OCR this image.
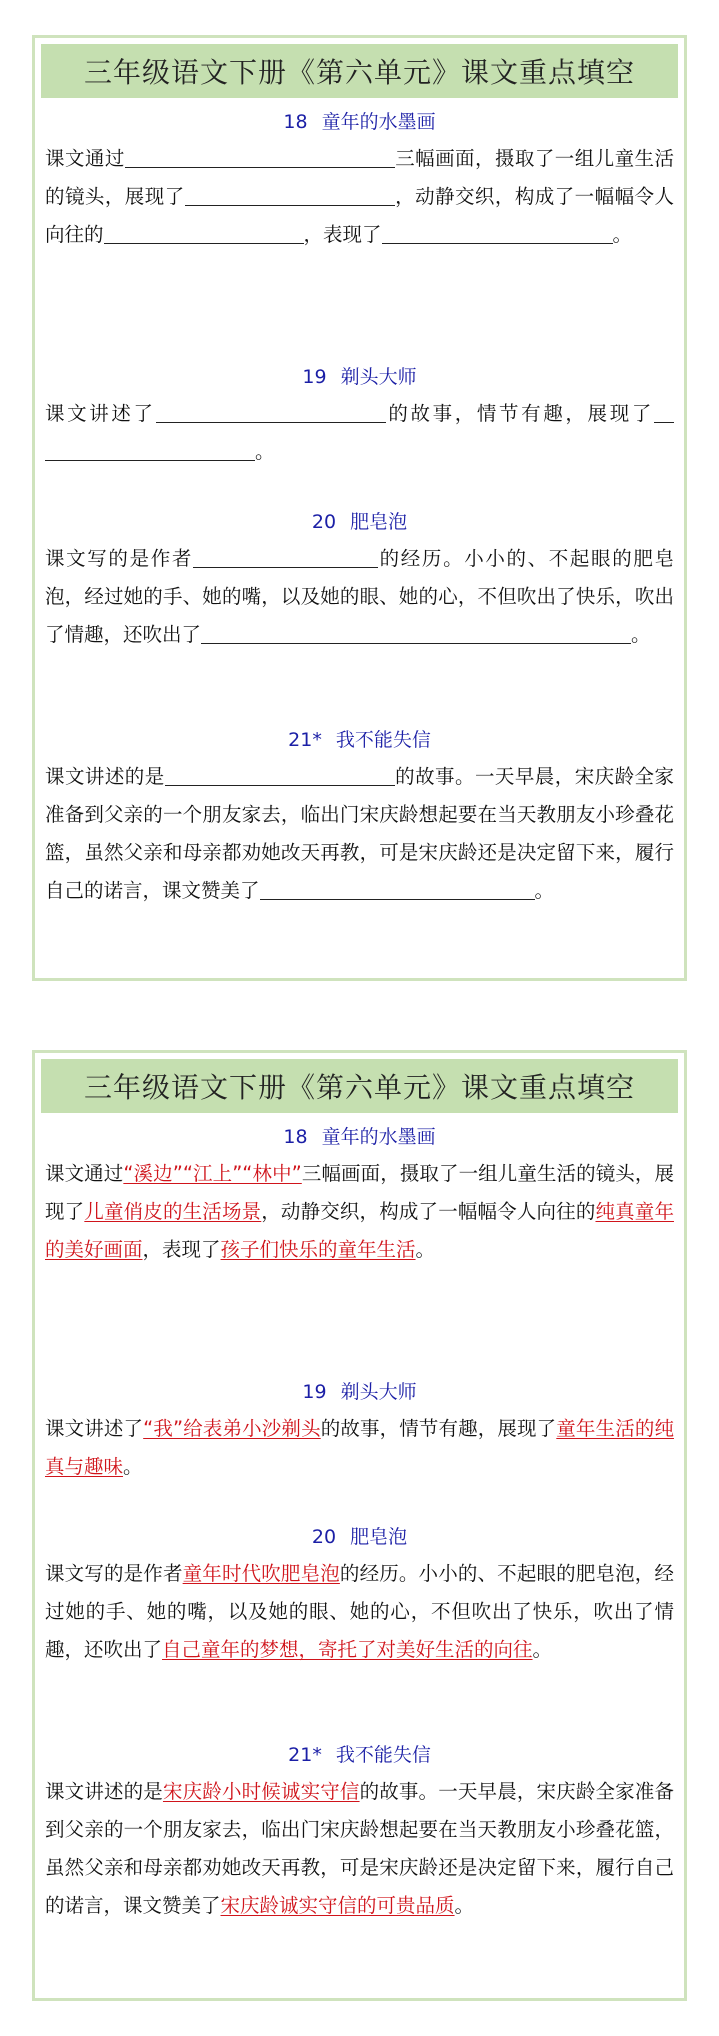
三年级语文下册《第六单元》课文重点填空
18 童年的水墨画
课文通过	三幅画面，摄取了一组儿童生活的镜头，展现了	，动静交织，构成了一幅幅令人向往的	，表现了	。
19 剃头大师
课文讲述了	的故事，情节有趣，展现了。
20 肥皂泡
课文写的是作者	的经历。小小的、不起眼的肥皂泡，经过她的手、她的嘴，以及她的眼、她的心，不但吹出了快乐，吹出了情趣，还吹出了	。
21* 我不能失信
课文讲述的是	的故事。一天早晨，宋庆龄全家准备到父亲的一个朋友家去，临出门宋庆龄想起要在当天教朋友小珍叠花篮，虽然父亲和母亲都劝她改天再教，可是宋庆龄还是决定留下来，履行自己的诺言，课文赞美了	。
三年级语文下册《第六单元》课文重点填空
18 童年的水墨画
课文通过“溪边”“江上”“林中”三幅画面，摄取了一组儿童生活的镜头，展现了儿童俏皮的生活场景，动静交织，构成了一幅幅令人向往的纯真童年的美好画面，表现了孩子们快乐的童年生活。
19 剃头大师
课文讲述了“我”给表弟小沙剃头的故事，情节有趣，展现了童年生活的纯真与趣味。
20 肥皂泡
课文写的是作者童年时代吹肥皂泡的经历。小小的、不起眼的肥皂泡，经过她的手、她的嘴，以及她的眼、她的心，不但吹出了快乐，吹出了情趣，还吹出了自己童年的梦想，寄托了对美好生活的向往。
21* 我不能失信
课文讲述的是宋庆龄小时候诚实守信的故事。一天早晨，宋庆龄全家准备到父亲的一个朋友家去，临出门宋庆龄想起要在当天教朋友小珍叠花篮，虽然父亲和母亲都劝她改天再教，可是宋庆龄还是决定留下来，履行自己的诺言，课文赞美了宋庆龄诚实守信的可贵品质。
